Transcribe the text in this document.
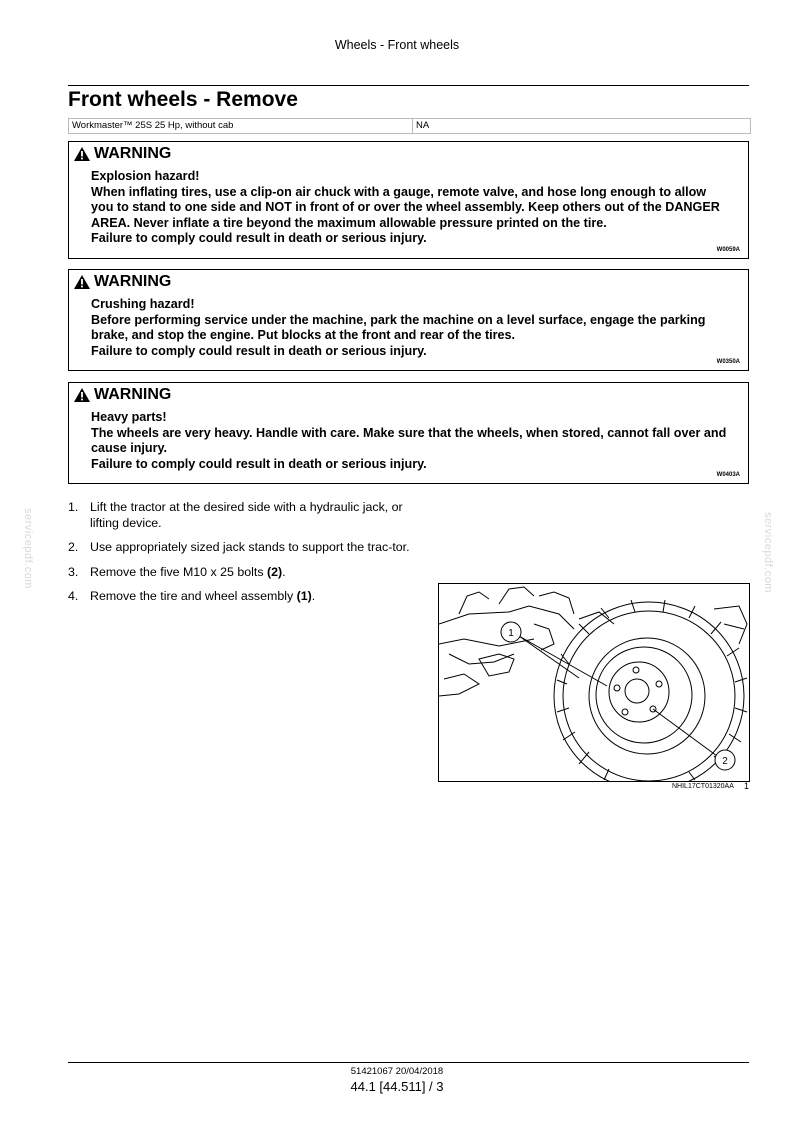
Wheels - Front wheels
Front wheels - Remove
Workmaster™ 25S 25 Hp, without cab	NA
WARNING

Explosion hazard!

When inflating tires, use a clip-on air chuck with a gauge, remote valve, and hose long enough to allow you to stand to one side and NOT in front of or over the wheel assembly. Keep others out of the DANGER AREA. Never inflate a tire beyond the maximum allowable pressure printed on the tire.

Failure to comply could result in death or serious injury.

W0059A
WARNING

Crushing hazard!

Before performing service under the machine, park the machine on a level surface, engage the parking brake, and stop the engine. Put blocks at the front and rear of the tires.

Failure to comply could result in death or serious injury.

W0350A
WARNING

Heavy parts!

The wheels are very heavy. Handle with care. Make sure that the wheels, when stored, cannot fall over and cause injury.

Failure to comply could result in death or serious injury.

W0403A
1. Lift the tractor at the desired side with a hydraulic jack, or lifting device.
2. Use appropriately sized jack stands to support the trac-tor.
3. Remove the five M10 x 25 bolts (2).
4. Remove the tire and wheel assembly (1).
1
2
NHIL17CT01320AA 1
servicepdf.com	servicepdf.com
51421067 20/04/2018
44.1 [44.511] / 3
